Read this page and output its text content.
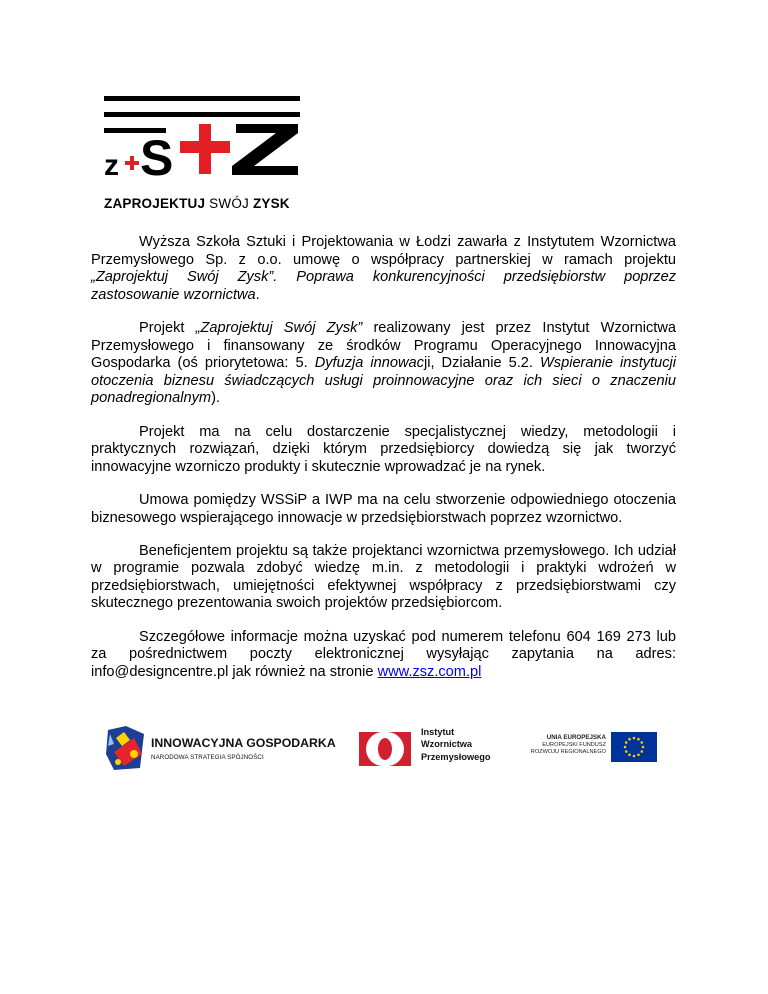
z S
ZAPROJEKTUJ SWÓJ ZYSK

Wyższa Szkoła Sztuki i Projektowania w Łodzi zawarła z Instytutem Wzornictwa Przemysłowego Sp. z o.o. umowę o współpracy partnerskiej w ramach projektu „Zaprojektuj Swój Zysk”. Poprawa konkurencyjności przedsiębiorstw poprzez zastosowanie wzornictwa.

Projekt „Zaprojektuj Swój Zysk” realizowany jest przez Instytut Wzornictwa Przemysłowego i finansowany ze środków Programu Operacyjnego Innowacyjna Gospodarka (oś priorytetowa: 5. Dyfuzja innowacji, Działanie 5.2. Wspieranie instytucji otoczenia biznesu świadczących usługi proinnowacyjne oraz ich sieci o znaczeniu ponadregionalnym).

Projekt ma na celu dostarczenie specjalistycznej wiedzy, metodologii i praktycznych rozwiązań, dzięki którym przedsiębiorcy dowiedzą się jak tworzyć innowacyjne wzorniczo produkty i skutecznie wprowadzać je na rynek.

Umowa pomiędzy WSSiP a IWP ma na celu stworzenie odpowiedniego otoczenia biznesowego wspierającego innowacje w przedsiębiorstwach poprzez wzornictwo.

Beneficjentem projektu są także projektanci wzornictwa przemysłowego. Ich udział w programie pozwala zdobyć wiedzę m.in. z metodologii i praktyki wdrożeń w przedsiębiorstwach, umiejętności efektywnej współpracy z przedsiębiorstwami czy skutecznego prezentowania swoich projektów przedsiębiorcom.

Szczegółowe informacje można uzyskać pod numerem telefonu 604 169 273 lub za pośrednictwem poczty elektronicznej wysyłając zapytania na adres: info@designcentre.pl jak również na stronie www.zsz.com.pl

INNOWACYJNA GOSPODARKA
NARODOWA STRATEGIA SPÓJNOŚCI
Instytut
Wzornictwa
Przemysłowego
UNIA EUROPEJSKA
EUROPEJSKI FUNDUSZ
ROZWOJU REGIONALNEGO
